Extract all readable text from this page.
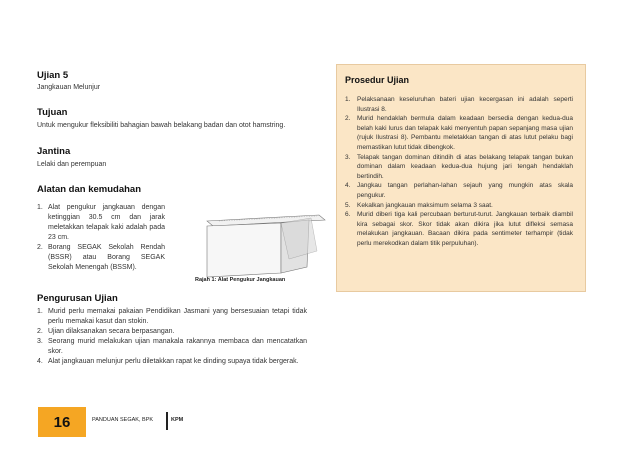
Ujian 5

Jangkauan Melunjur

Tujuan

Untuk mengukur fleksibiliti bahagian bawah belakang badan dan otot hamstring.

Jantina

Lelaki dan perempuan

Alatan dan kemudahan

1. Alat pengukur jangkauan dengan ketinggian 30.5 cm dan jarak meletakkan telapak kaki adalah pada 23 cm.
2. Borang SEGAK Sekolah Rendah (BSSR) atau Borang SEGAK Sekolah Menengah (BSSM).
Rajah 1: Alat Pengukur Jangkauan

Pengurusan Ujian

1. Murid perlu memakai pakaian Pendidikan Jasmani yang bersesuaian tetapi tidak perlu memakai kasut dan stokin.
2. Ujian dilaksanakan secara berpasangan.
3. Seorang murid melakukan ujian manakala rakannya membaca dan mencatatkan skor.
4. Alat jangkauan melunjur perlu diletakkan rapat ke dinding supaya tidak bergerak.
Prosedur Ujian
1. Pelaksanaan keseluruhan bateri ujian kecergasan ini adalah seperti Ilustrasi 8.
2. Murid hendaklah bermula dalam keadaan bersedia dengan kedua-dua belah kaki lurus dan telapak kaki menyentuh papan sepanjang masa ujian (rujuk Ilustrasi 8). Pembantu meletakkan tangan di atas lutut pelaku bagi memastikan lutut tidak dibengkok.
3. Telapak tangan dominan ditindih di atas belakang telapak tangan bukan dominan dalam keadaan kedua-dua hujung jari tengah hendaklah bertindih.
4. Jangkau tangan perlahan-lahan sejauh yang mungkin atas skala pengukur.
5. Kekalkan jangkauan maksimum selama 3 saat.
6. Murid diberi tiga kali percubaan berturut-turut. Jangkauan terbaik diambil kira sebagai skor. Skor tidak akan dikira jika lutut difleksi semasa melakukan jangkauan. Bacaan dikira pada sentimeter terhampir (tidak perlu merekodkan dalam titik perpuluhan).
16	PANDUAN SEGAK, BPK	KPM
